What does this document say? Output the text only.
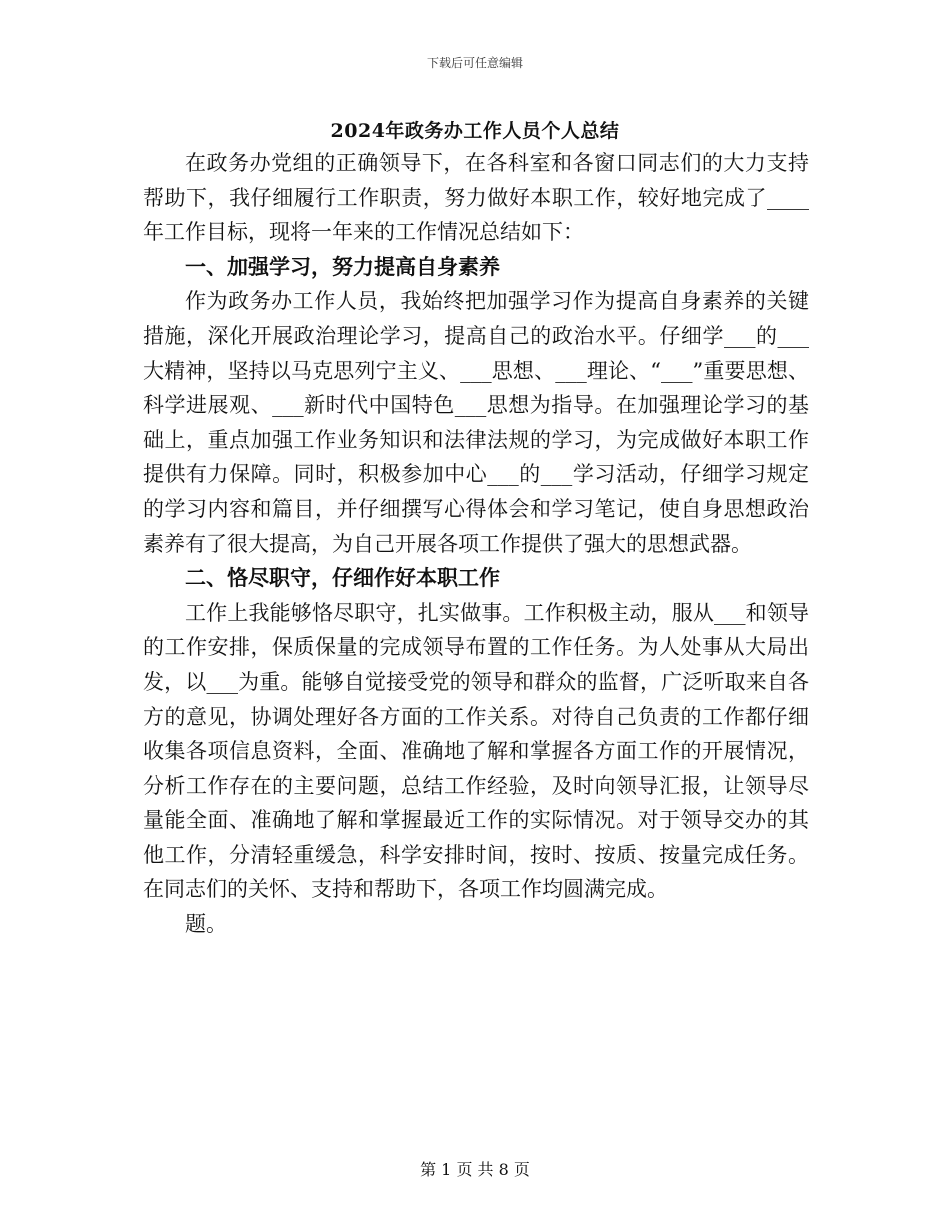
下载后可任意编辑
2024年政务办工作人员个人总结

在政务办党组的正确领导下，在各科室和各窗口同志们的大力支持帮助下，我仔细履行工作职责，努力做好本职工作，较好地完成了____年工作目标，现将一年来的工作情况总结如下：

一、加强学习，努力提高自身素养

作为政务办工作人员，我始终把加强学习作为提高自身素养的关键措施，深化开展政治理论学习，提高自己的政治水平。仔细学___的___大精神，坚持以马克思列宁主义、___思想、___理论、“___”重要思想、科学进展观、___新时代中国特色___思想为指导。在加强理论学习的基础上，重点加强工作业务知识和法律法规的学习，为完成做好本职工作提供有力保障。同时，积极参加中心___的___学习活动，仔细学习规定的学习内容和篇目，并仔细撰写心得体会和学习笔记，使自身思想政治素养有了很大提高，为自己开展各项工作提供了强大的思想武器。

二、恪尽职守，仔细作好本职工作

工作上我能够恪尽职守，扎实做事。工作积极主动，服从___和领导的工作安排，保质保量的完成领导布置的工作任务。为人处事从大局出发，以___为重。能够自觉接受党的领导和群众的监督，广泛听取来自各方的意见，协调处理好各方面的工作关系。对待自己负责的工作都仔细收集各项信息资料，全面、准确地了解和掌握各方面工作的开展情况，分析工作存在的主要问题，总结工作经验，及时向领导汇报，让领导尽量能全面、准确地了解和掌握最近工作的实际情况。对于领导交办的其他工作，分清轻重缓急，科学安排时间，按时、按质、按量完成任务。在同志们的关怀、支持和帮助下，各项工作均圆满完成。

题。

第 1 页 共 8 页
